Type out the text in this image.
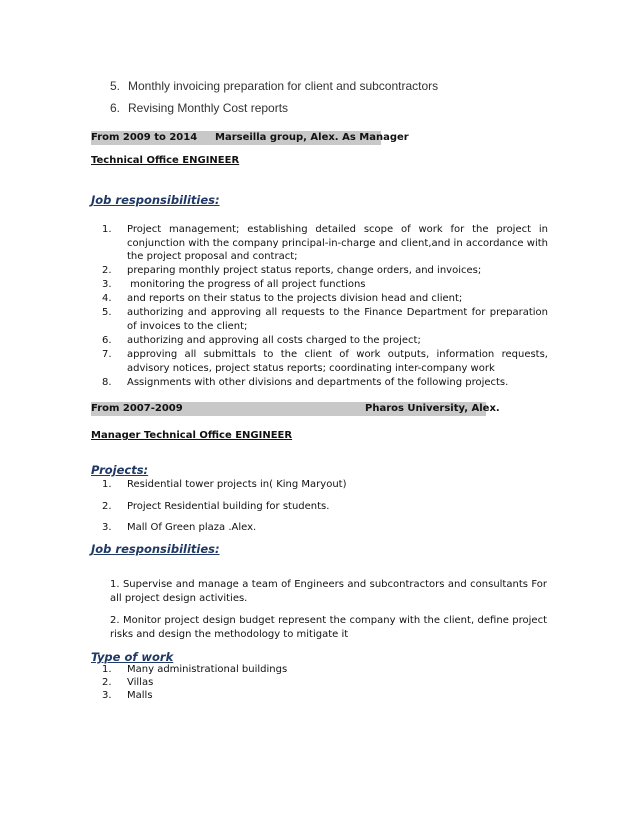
5. Monthly invoicing preparation for client and subcontractors
6. Revising Monthly Cost reports
From 2009 to 2014 Marseilla group, Alex. As Manager
Technical Office ENGINEER
Job responsibilities:
1. Project management; establishing detailed scope of work for the project in conjunction with the company principal-in-charge and client,and in accordance with the project proposal and contract;
2. preparing monthly project status reports, change orders, and invoices;
3. monitoring the progress of all project functions
4. and reports on their status to the projects division head and client;
5. authorizing and approving all requests to the Finance Department for preparation of invoices to the client;
6. authorizing and approving all costs charged to the project;
7. approving all submittals to the client of work outputs, information requests, advisory notices, project status reports; coordinating inter-company work
8. Assignments with other divisions and departments of the following projects.
From 2007-2009	Pharos University, Alex.
Manager Technical Office ENGINEER
Projects:
1. Residential tower projects in( King Maryout)
2. Project Residential building for students.
3. Mall Of Green plaza .Alex.
Job responsibilities:
1. Supervise and manage a team of Engineers and subcontractors and consultants For all project design activities.
2. Monitor project design budget represent the company with the client, define project risks and design the methodology to mitigate it
Type of work
1. Many administrational buildings
2. Villas
3. Malls
